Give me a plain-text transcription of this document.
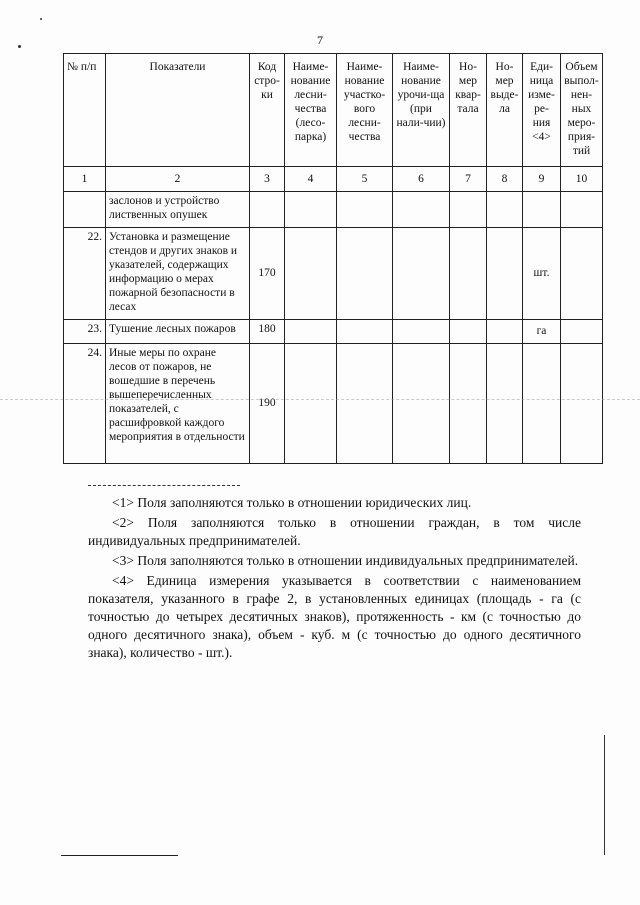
7
№ п/п	Показатели	Код стро-ки	Наиме-нование лесни-чества (лесо-парка)	Наиме-нование участко-вого лесни-чества	Наиме-нование урочи-ща (при нали-чии)	Но-мер квар-тала	Но-мер выде-ла	Еди-ница изме-ре-ния <4>	Объем выпол-нен-ных меро-прия-тий
1	2	3	4	5	6	7	8	9	10
	заслонов и устройство лиственных опушек								
22.	Установка и размещение стендов и других знаков и указателей, содержащих информацию о мерах пожарной безопасности в лесах	170						шт.	
23.	Тушение лесных пожаров	180						га	
24.	Иные меры по охране лесов от пожаров, не вошедшие в перечень вышеперечисленных показателей, с расшифровкой каждого мероприятия в отдельности	190							

<1> Поля заполняются только в отношении юридических лиц.

<2> Поля заполняются только в отношении граждан, в том числе индивидуальных предпринимателей.

<3> Поля заполняются только в отношении индивидуальных предпринимателей.

<4> Единица измерения указывается в соответствии с наименованием показателя, указанного в графе 2, в установленных единицах (площадь - га (с точностью до четырех десятичных знаков), протяженность - км (с точностью до одного десятичного знака), объем - куб. м (с точностью до одного десятичного знака), количество - шт.).
